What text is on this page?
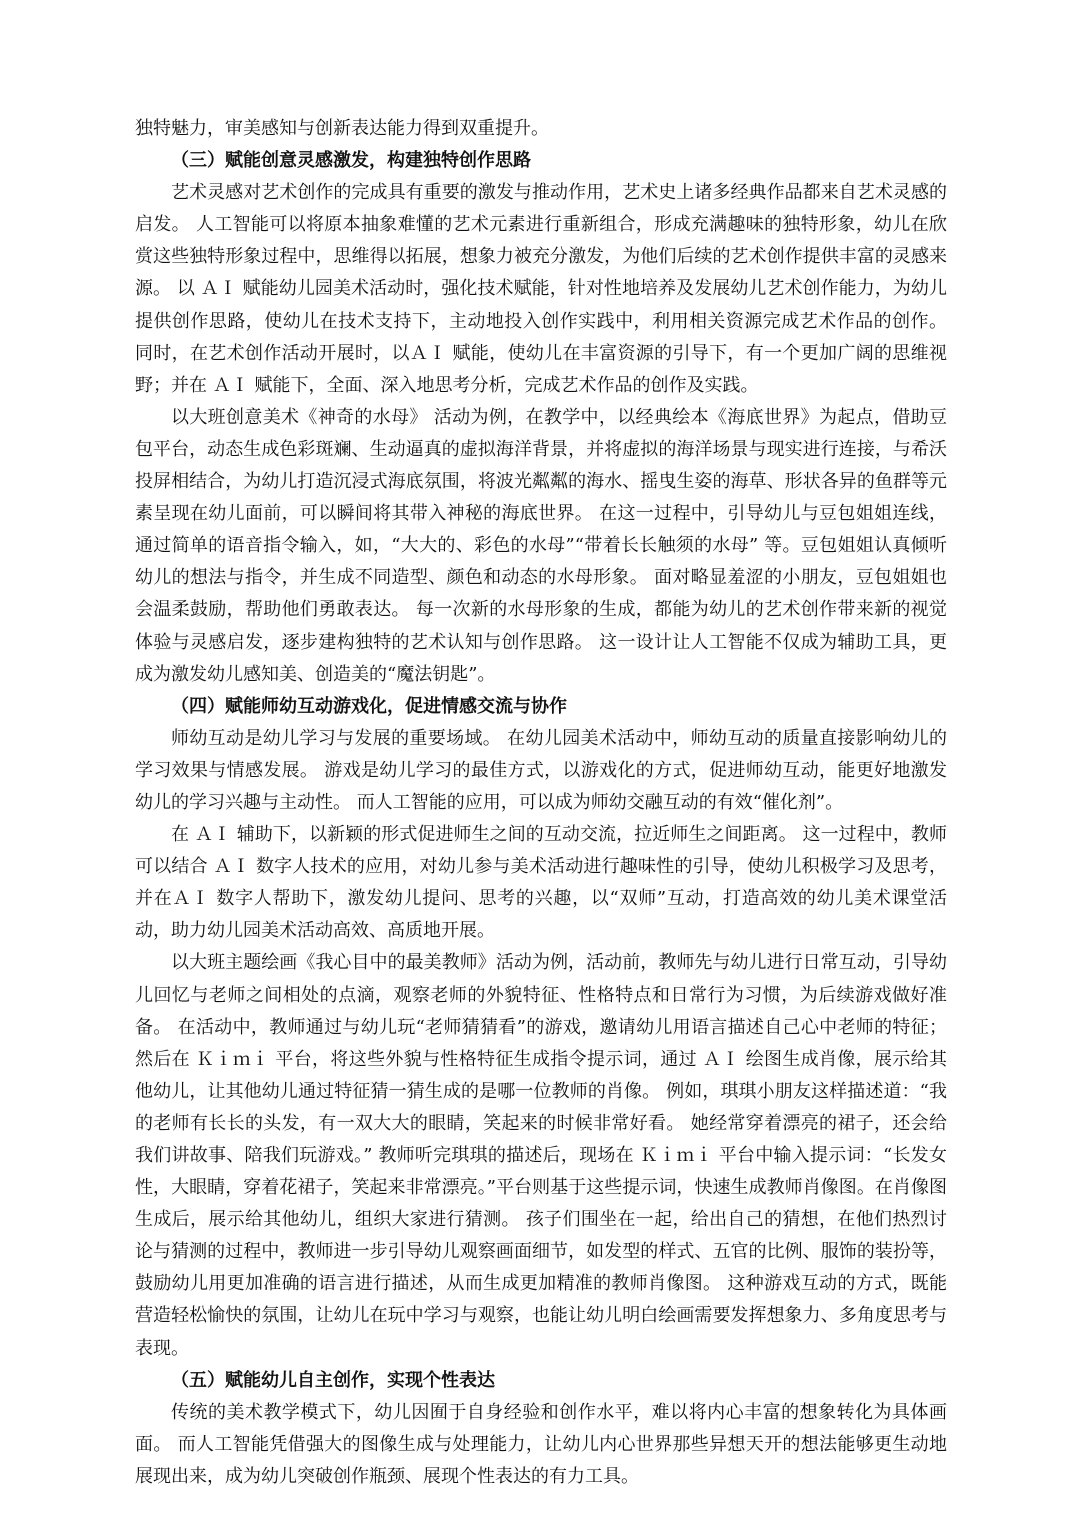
独特魅力，审美感知与创新表达能力得到双重提升。

（三）赋能创意灵感激发，构建独特创作思路

艺术灵感对艺术创作的完成具有重要的激发与推动作用，艺术史上诸多经典作品都来自艺术灵感的启发。 人工智能可以将原本抽象难懂的艺术元素进行重新组合，形成充满趣味的独特形象，幼儿在欣赏这些独特形象过程中，思维得以拓展，想象力被充分激发，为他们后续的艺术创作提供丰富的灵感来源。 以 ＡＩ 赋能幼儿园美术活动时，强化技术赋能，针对性地培养及发展幼儿艺术创作能力，为幼儿提供创作思路，使幼儿在技术支持下，主动地投入创作实践中，利用相关资源完成艺术作品的创作。 同时，在艺术创作活动开展时，以ＡＩ 赋能，使幼儿在丰富资源的引导下，有一个更加广阔的思维视野；并在 ＡＩ 赋能下，全面、深入地思考分析，完成艺术作品的创作及实践。

以大班创意美术《神奇的水母》 活动为例，在教学中，以经典绘本《海底世界》为起点，借助豆包平台，动态生成色彩斑斓、生动逼真的虚拟海洋背景，并将虚拟的海洋场景与现实进行连接，与希沃投屏相结合，为幼儿打造沉浸式海底氛围，将波光粼粼的海水、摇曳生姿的海草、形状各异的鱼群等元素呈现在幼儿面前，可以瞬间将其带入神秘的海底世界。 在这一过程中，引导幼儿与豆包姐姐连线，通过简单的语音指令输入，如，“大大的、彩色的水母”“带着长长触须的水母” 等。豆包姐姐认真倾听幼儿的想法与指令，并生成不同造型、颜色和动态的水母形象。 面对略显羞涩的小朋友，豆包姐姐也会温柔鼓励，帮助他们勇敢表达。 每一次新的水母形象的生成，都能为幼儿的艺术创作带来新的视觉体验与灵感启发，逐步建构独特的艺术认知与创作思路。 这一设计让人工智能不仅成为辅助工具，更成为激发幼儿感知美、创造美的“魔法钥匙”。

（四）赋能师幼互动游戏化，促进情感交流与协作

师幼互动是幼儿学习与发展的重要场域。 在幼儿园美术活动中，师幼互动的质量直接影响幼儿的学习效果与情感发展。 游戏是幼儿学习的最佳方式，以游戏化的方式，促进师幼互动，能更好地激发幼儿的学习兴趣与主动性。 而人工智能的应用，可以成为师幼交融互动的有效“催化剂”。

在 ＡＩ 辅助下，以新颖的形式促进师生之间的互动交流，拉近师生之间距离。 这一过程中，教师可以结合 ＡＩ 数字人技术的应用，对幼儿参与美术活动进行趣味性的引导，使幼儿积极学习及思考，并在ＡＩ 数字人帮助下，激发幼儿提问、思考的兴趣，以“双师”互动，打造高效的幼儿美术课堂活动，助力幼儿园美术活动高效、高质地开展。

以大班主题绘画《我心目中的最美教师》活动为例，活动前，教师先与幼儿进行日常互动，引导幼儿回忆与老师之间相处的点滴，观察老师的外貌特征、性格特点和日常行为习惯，为后续游戏做好准备。 在活动中，教师通过与幼儿玩“老师猜猜看”的游戏，邀请幼儿用语言描述自己心中老师的特征；然后在 Ｋｉｍｉ 平台，将这些外貌与性格特征生成指令提示词，通过 ＡＩ 绘图生成肖像，展示给其他幼儿，让其他幼儿通过特征猜一猜生成的是哪一位教师的肖像。 例如，琪琪小朋友这样描述道：“我的老师有长长的头发，有一双大大的眼睛，笑起来的时候非常好看。 她经常穿着漂亮的裙子，还会给我们讲故事、陪我们玩游戏。” 教师听完琪琪的描述后，现场在 Ｋｉｍｉ 平台中输入提示词：“长发女性，大眼睛，穿着花裙子，笑起来非常漂亮。”平台则基于这些提示词，快速生成教师肖像图。在肖像图生成后，展示给其他幼儿，组织大家进行猜测。 孩子们围坐在一起，给出自己的猜想，在他们热烈讨论与猜测的过程中，教师进一步引导幼儿观察画面细节，如发型的样式、五官的比例、服饰的装扮等，鼓励幼儿用更加准确的语言进行描述，从而生成更加精准的教师肖像图。 这种游戏互动的方式，既能营造轻松愉快的氛围，让幼儿在玩中学习与观察，也能让幼儿明白绘画需要发挥想象力、多角度思考与表现。

（五）赋能幼儿自主创作，实现个性表达

传统的美术教学模式下，幼儿因囿于自身经验和创作水平，难以将内心丰富的想象转化为具体画面。 而人工智能凭借强大的图像生成与处理能力，让幼儿内心世界那些异想天开的想法能够更生动地展现出来，成为幼儿突破创作瓶颈、展现个性表达的有力工具。
